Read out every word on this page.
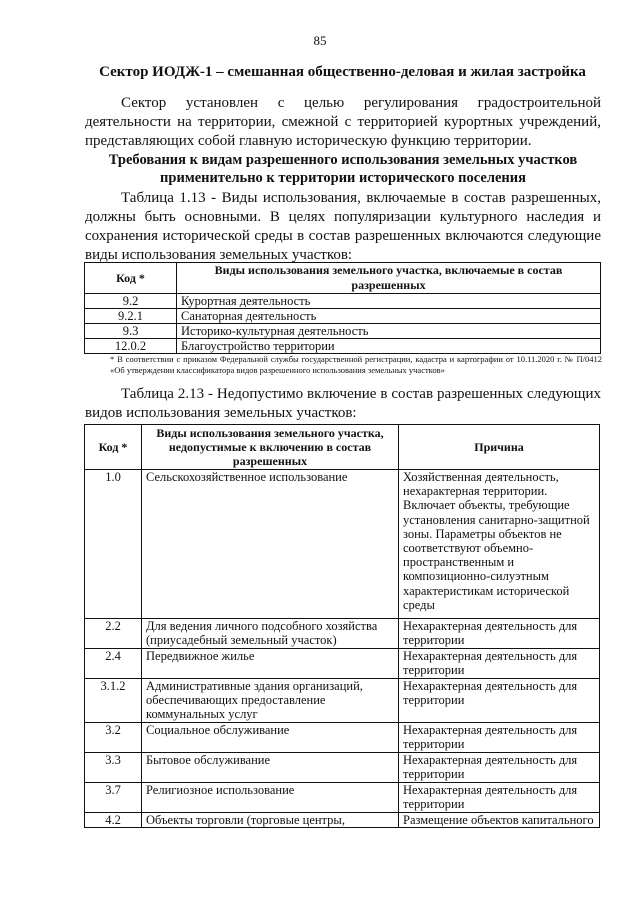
85
Сектор ИОДЖ-1 – смешанная общественно-деловая и жилая застройка
Сектор установлен с целью регулирования градостроительной деятельности на территории, смежной с территорией курортных учреждений, представляющих собой главную историческую функцию территории.
Требования к видам разрешенного использования земельных участков применительно к территории исторического поселения
Таблица 1.13 - Виды использования, включаемые в состав разрешенных, должны быть основными. В целях популяризации культурного наследия и сохранения исторической среды в состав разрешенных включаются следующие виды использования земельных участков:
Код *	Виды использования земельного участка, включаемые в состав разрешенных
9.2	Курортная деятельность
9.2.1	Санаторная деятельность
9.3	Историко-культурная деятельность
12.0.2	Благоустройство территории
* В соответствии с приказом Федеральной службы государственной регистрации, кадастра и картографии от 10.11.2020 г. № П/0412 «Об утверждении классификатора видов разрешенного использования земельных участков»
Таблица 2.13 - Недопустимо включение в состав разрешенных следующих видов использования земельных участков:
Код *	Виды использования земельного участка, недопустимые к включению в состав разрешенных	Причина
1.0	Сельскохозяйственное использование	Хозяйственная деятельность, нехарактерная территории. Включает объекты, требующие установления санитарно-защитной зоны. Параметры объектов не соответствуют объемно-пространственным и композиционно-силуэтным характеристикам исторической среды
2.2	Для ведения личного подсобного хозяйства (приусадебный земельный участок)	Нехарактерная деятельность для территории
2.4	Передвижное жилье	Нехарактерная деятельность для территории
3.1.2	Административные здания организаций, обеспечивающих предоставление коммунальных услуг	Нехарактерная деятельность для территории
3.2	Социальное обслуживание	Нехарактерная деятельность для территории
3.3	Бытовое обслуживание	Нехарактерная деятельность для территории
3.7	Религиозное использование	Нехарактерная деятельность для территории
4.2	Объекты торговли (торговые центры,	Размещение объектов капитального
